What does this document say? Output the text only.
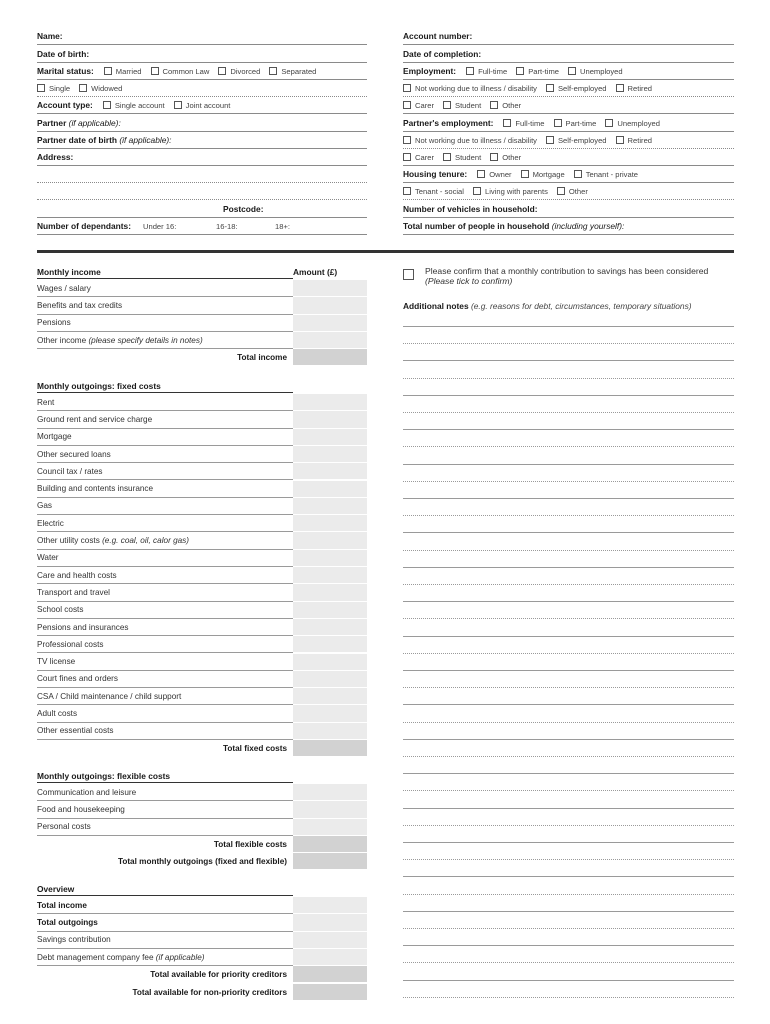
Name:
Date of birth:
Marital status:	Married	Common Law	Divorced	Separated
Single	Widowed
Account type:	Single account	Joint account
Partner
(if applicable):
Partner date of birth
(if applicable):
Address:
Postcode:
Number of dependants: Under 16:	16-18:	18+:
Account number:
Date of completion:
Employment:	Full-time	Part-time	Unemployed
Not working due to illness / disability	Self-employed	Retired
Carer	Student	Other
Partner's employment:	Full-time	Part-time	Unemployed
Not working due to illness / disability	Self-employed	Retired
Carer	Student	Other
Housing tenure:	Owner	Mortgage	Tenant - private
Tenant - social	Living with parents	Other
Number of vehicles in household:
Total number of people in household
(including yourself):
Monthly income	Amount (£)
Wages / salary
Benefits and tax credits
Pensions
Other income
(please specify details in notes)
Total income
Monthly outgoings: fixed costs
Rent
Ground rent and service charge
Mortgage
Other secured loans
Council tax / rates
Building and contents insurance
Gas
Electric
Other utility costs
(e.g. coal, oil, calor gas)
Water
Care and health costs
Transport and travel
School costs
Pensions and insurances
Professional costs
TV license
Court fines and orders
CSA / Child maintenance / child support
Adult costs
Other essential costs
Total fixed costs
Monthly outgoings: flexible costs
Communication and leisure
Food and housekeeping
Personal costs
Total flexible costs
Total monthly outgoings (fixed and flexible)
Overview
Total income
Total outgoings
Savings contribution
Debt management company fee
(if applicable)
Total available for priority creditors
Total available for non-priority creditors
Please confirm that a monthly contribution to savings has been considered (Please tick to confirm)
Additional notes (e.g. reasons for debt, circumstances, temporary situations)
